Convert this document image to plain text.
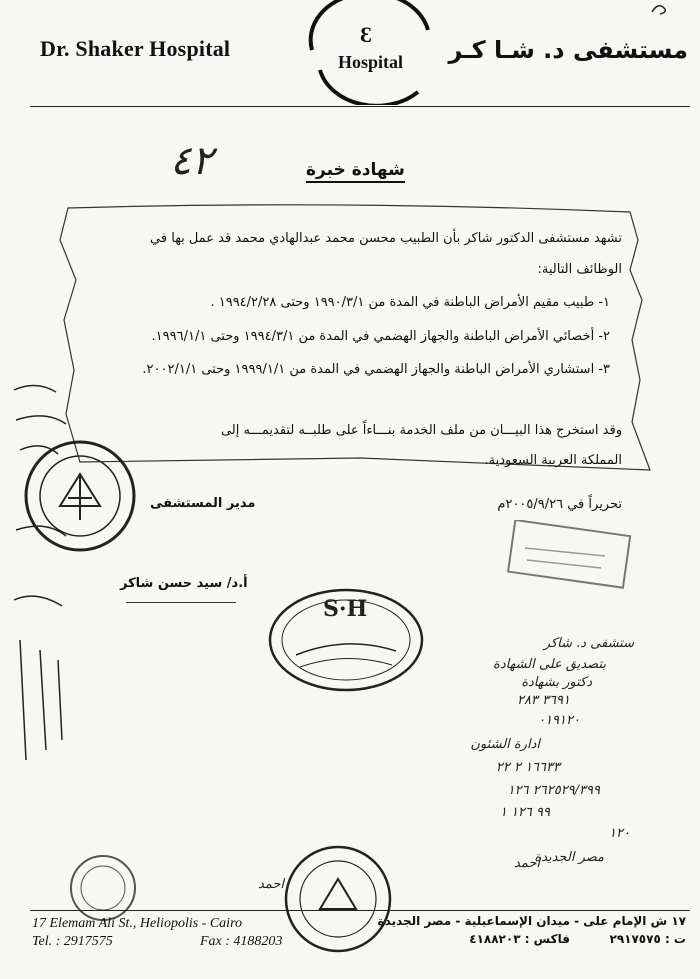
Dr. Shaker Hospital
Ɛ
Hospital مستشفى د. شـا كـر
٤٢	شهادة خبرة
تشهد مستشفى الدكتور شاكر بأن الطبيب محسن محمد عبدالهادي محمد قد عمل بها في
الوظائف التالية:
١- طبيب مقيم الأمراض الباطنة في المدة من ١٩٩٠/٣/١ وحتى ١٩٩٤/٢/٢٨ .
٢- أخصائي الأمراض الباطنة والجهاز الهضمي في المدة من ١٩٩٤/٣/١ وحتى ١٩٩٦/١/١.
٣- استشاري الأمراض الباطنة والجهاز الهضمي في المدة من ١٩٩٩/١/١ وحتى ٢٠٠٢/١/١.
وقد استخرج هذا البيـــان من ملف الخدمة بنـــاءاً على طلبــه لتقديمـــه إلى
المملكة العربية السعودية.
تحريراً في ٢٠٠٥/٩/٢٦م
مدير المستشفى
أ.د/ سيد حسن شاكر
S·H
ستشفى د. شاكر
بتصديق على الشهادة
دكتور بشهادة
٣٦٩١ ٢٨٣
٠١٩١٢٠
ادارة الشئون
١٦٦٣٣ ٢ ٢٢
٢٦٢٥٢٩/٣٩٩ ١٢٦
٩٩ ١٢٦ ١
١٢٠
مصر الجديدة
احمد
احمد
17 Elemam Ali St., Heliopolis - Cairo
Tel. : 2917575	Fax : 4188203
١٧ ش الإمام على - ميدان الإسماعيلية - مصر الجديدة
ت : ٢٩١٧٥٧٥
فاكس : ٤١٨٨٢٠٣
